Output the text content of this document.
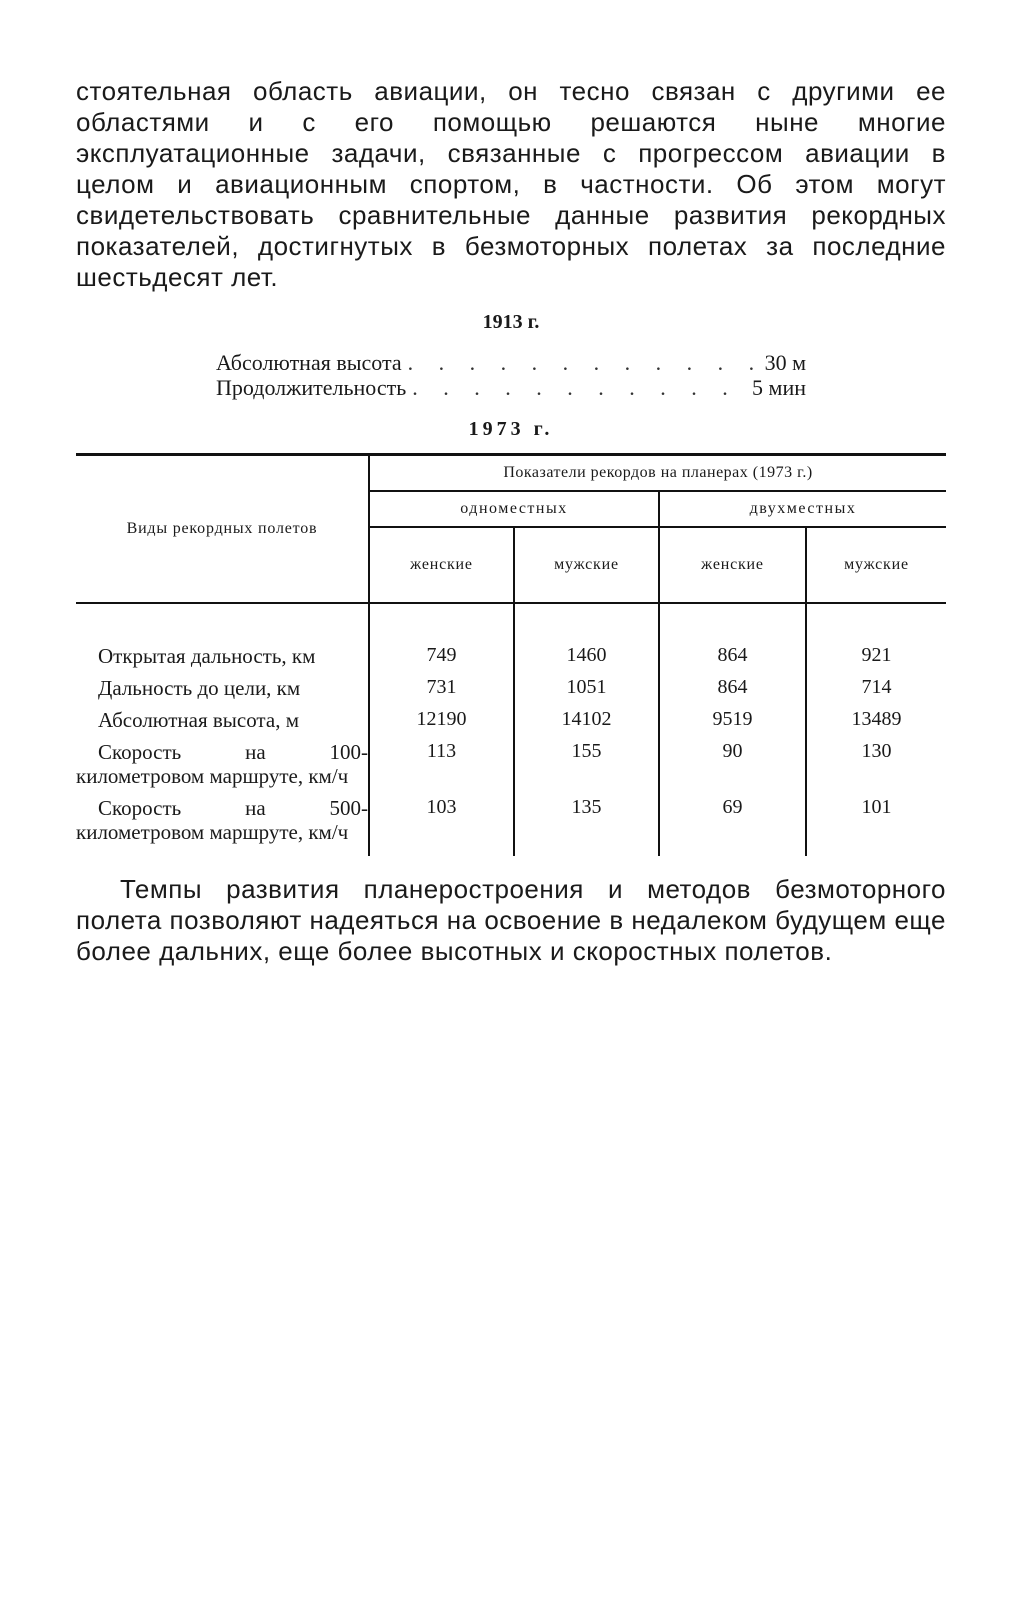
стоятельная область авиации, он тесно связан с другими ее областями и с его помощью решаются ныне многие эксплуатационные задачи, связанные с прогрессом авиации в целом и авиационным спортом, в частности. Об этом могут свидетельствовать сравнительные данные развития рекордных показателей, достигнутых в безмоторных полетах за последние шестьдесят лет.

1913 г.

Абсолютная высота . . .	30 м
Продолжительность . . .	5 мин

1973 г.

Виды рекордных полетов	Показатели рекордов на планерах (1973 г.)			
	одноместных		двухместных	
	женские	мужские	женские	мужские

Открытая дальность, км	749	1460	864	921

Дальность до цели, км	731	1051	864	714

Абсолютная высота, м	12190	14102	9519	13489

Скорость на 100-километровом маршруте, км/ч	113	155	90	130

Скорость на 500-километровом маршруте, км/ч	103	135	69	101

Темпы развития планеростроения и методов безмоторного полета позволяют надеяться на освоение в недалеком будущем еще более дальних, еще более высотных и скоростных полетов.
